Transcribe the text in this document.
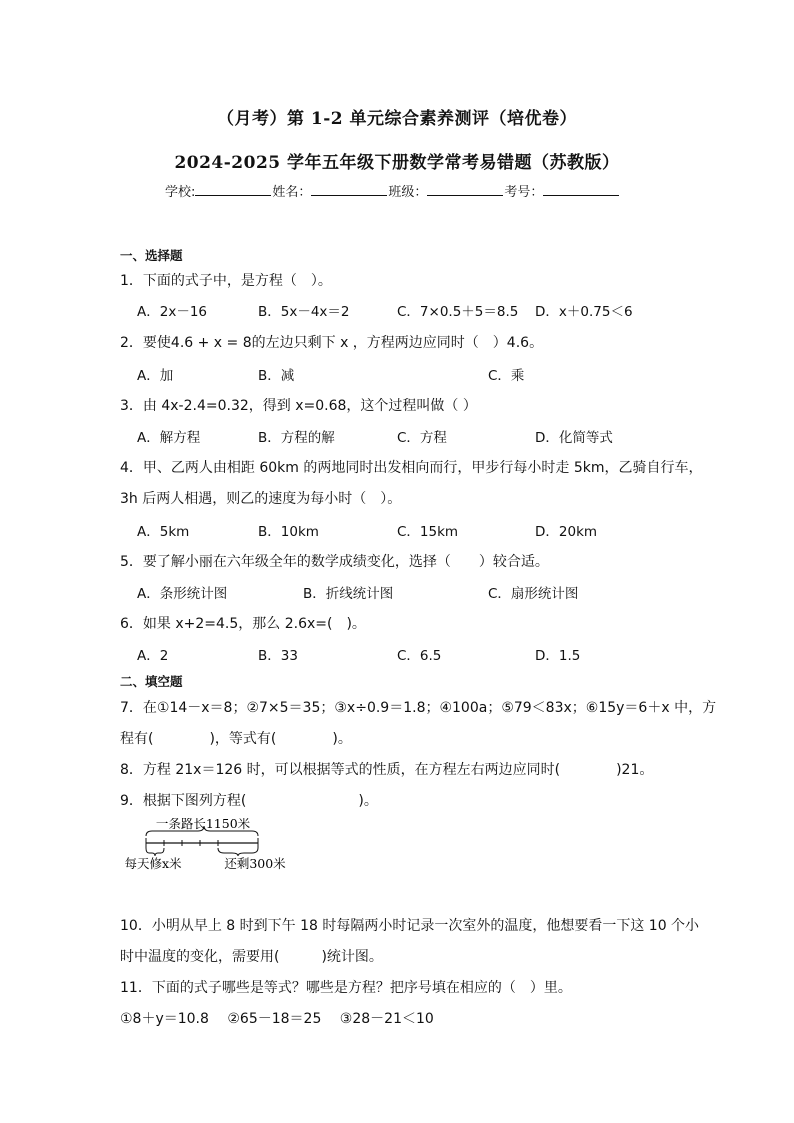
（月考）第 1-2 单元综合素养测评（培优卷）
2024-2025 学年五年级下册数学常考易错题（苏教版）
学校:	姓名：	班级：	考号：
一、选择题
1．下面的式子中，是方程（　）。
A．2x－16	B．5x－4x＝2	C．7×0.5＋5＝8.5 D．x＋0.75＜6
2．要使4.6 + x = 8的左边只剩下 x ，方程两边应同时（　）4.6。
A．加	B．减	C．乘
3．由 4x-2.4=0.32，得到 x=0.68，这个过程叫做（ ）
A．解方程	B．方程的解	C．方程	D．化简等式
4．甲、乙两人由相距 60km 的两地同时出发相向而行，甲步行每小时走 5km，乙骑自行车，
3h 后两人相遇，则乙的速度为每小时（　）。
A．5km	B．10km	C．15km	D．20km
5．要了解小丽在六年级全年的数学成绩变化，选择（　　）较合适。
A．条形统计图	B．折线统计图	C．扇形统计图
6．如果 x+2=4.5，那么 2.6x=(　)。
A．2	B．33	C．6.5	D．1.5
二、填空题
7．在①14－x＝8；②7×5＝35；③x÷0.9＝1.8；④100a；⑤79＜83x；⑥15y＝6＋x 中，方
程有(　　　　)，等式有(　　　　)。
8．方程 21x＝126 时，可以根据等式的性质，在方程左右两边应同时(　　　　)21。
9．根据下图列方程(　　　　　　　　)。
一条路长1150米
每天修x米	还剩300米
10．小明从早上 8 时到下午 18 时每隔两小时记录一次室外的温度，他想要看一下这 10 个小
时中温度的变化，需要用(　　　)统计图。
11．下面的式子哪些是等式？哪些是方程？把序号填在相应的（　）里。
①8＋y＝10.8　 ②65－18＝25　 ③28－21＜10
